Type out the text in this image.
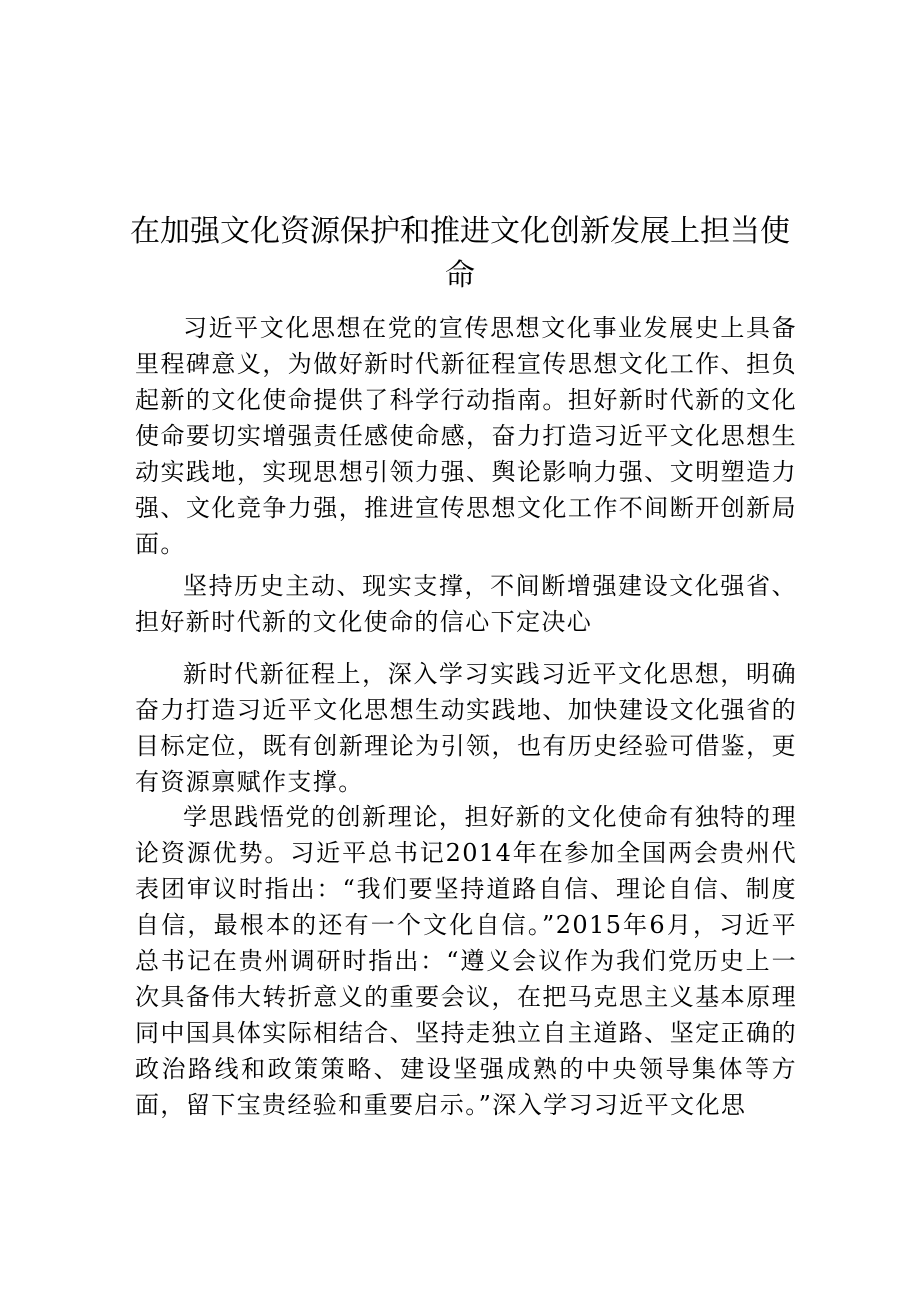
在加强文化资源保护和推进文化创新发展上担当使命

习近平文化思想在党的宣传思想文化事业发展史上具备里程碑意义，为做好新时代新征程宣传思想文化工作、担负起新的文化使命提供了科学行动指南。担好新时代新的文化使命要切实增强责任感使命感，奋力打造习近平文化思想生动实践地，实现思想引领力强、舆论影响力强、文明塑造力强、文化竞争力强，推进宣传思想文化工作不间断开创新局面。

坚持历史主动、现实支撑，不间断增强建设文化强省、担好新时代新的文化使命的信心下定决心

新时代新征程上，深入学习实践习近平文化思想，明确奋力打造习近平文化思想生动实践地、加快建设文化强省的目标定位，既有创新理论为引领，也有历史经验可借鉴，更有资源禀赋作支撑。

学思践悟党的创新理论，担好新的文化使命有独特的理论资源优势。习近平总书记2014年在参加全国两会贵州代表团审议时指出：“我们要坚持道路自信、理论自信、制度自信，最根本的还有一个文化自信。”2015年6月，习近平总书记在贵州调研时指出：“遵义会议作为我们党历史上一次具备伟大转折意义的重要会议，在把马克思主义基本原理同中国具体实际相结合、坚持走独立自主道路、坚定正确的政治路线和政策策略、建设坚强成熟的中央领导集体等方面，留下宝贵经验和重要启示。”深入学习习近平文化思
